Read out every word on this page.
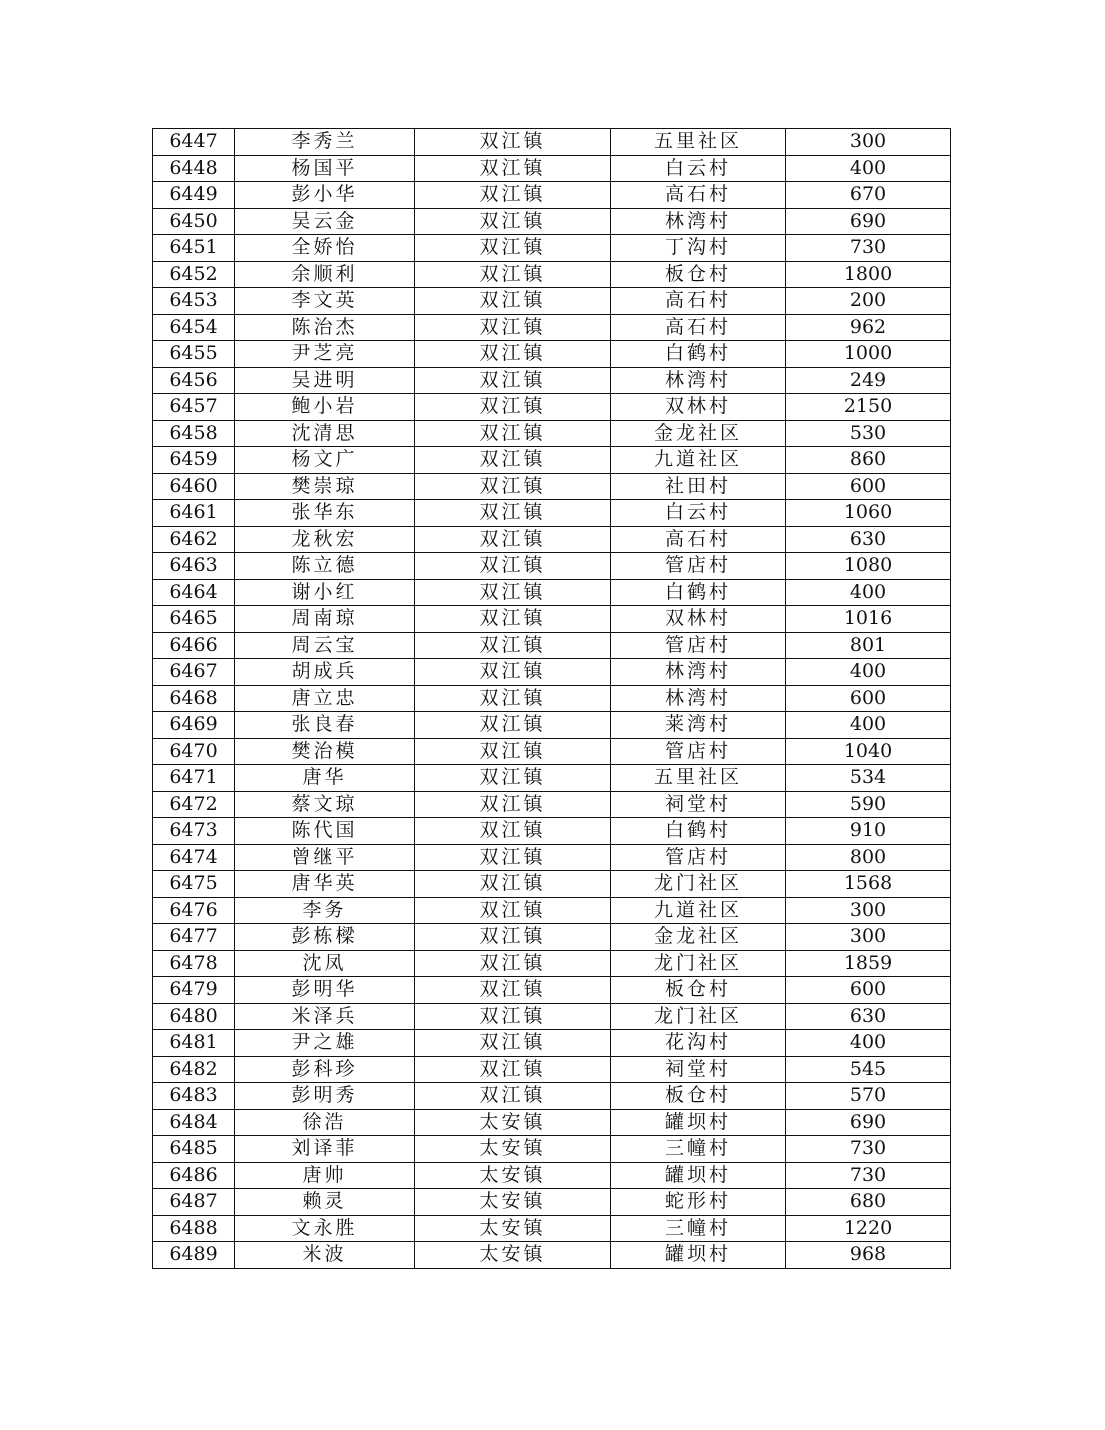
6447	李秀兰	双江镇	五里社区	300
6448	杨国平	双江镇	白云村	400
6449	彭小华	双江镇	高石村	670
6450	吴云金	双江镇	林湾村	690
6451	全娇怡	双江镇	丁沟村	730
6452	余顺利	双江镇	板仓村	1800
6453	李文英	双江镇	高石村	200
6454	陈治杰	双江镇	高石村	962
6455	尹芝亮	双江镇	白鹤村	1000
6456	吴进明	双江镇	林湾村	249
6457	鲍小岩	双江镇	双林村	2150
6458	沈清思	双江镇	金龙社区	530
6459	杨文广	双江镇	九道社区	860
6460	樊崇琼	双江镇	社田村	600
6461	张华东	双江镇	白云村	1060
6462	龙秋宏	双江镇	高石村	630
6463	陈立德	双江镇	管店村	1080
6464	谢小红	双江镇	白鹤村	400
6465	周南琼	双江镇	双林村	1016
6466	周云宝	双江镇	管店村	801
6467	胡成兵	双江镇	林湾村	400
6468	唐立忠	双江镇	林湾村	600
6469	张良春	双江镇	莱湾村	400
6470	樊治模	双江镇	管店村	1040
6471	唐华	双江镇	五里社区	534
6472	蔡文琼	双江镇	祠堂村	590
6473	陈代国	双江镇	白鹤村	910
6474	曾继平	双江镇	管店村	800
6475	唐华英	双江镇	龙门社区	1568
6476	李务	双江镇	九道社区	300
6477	彭栋樑	双江镇	金龙社区	300
6478	沈凤	双江镇	龙门社区	1859
6479	彭明华	双江镇	板仓村	600
6480	米泽兵	双江镇	龙门社区	630
6481	尹之雄	双江镇	花沟村	400
6482	彭科珍	双江镇	祠堂村	545
6483	彭明秀	双江镇	板仓村	570
6484	徐浩	太安镇	罐坝村	690
6485	刘译菲	太安镇	三幢村	730
6486	唐帅	太安镇	罐坝村	730
6487	赖灵	太安镇	蛇形村	680
6488	文永胜	太安镇	三幢村	1220
6489	米波	太安镇	罐坝村	968
